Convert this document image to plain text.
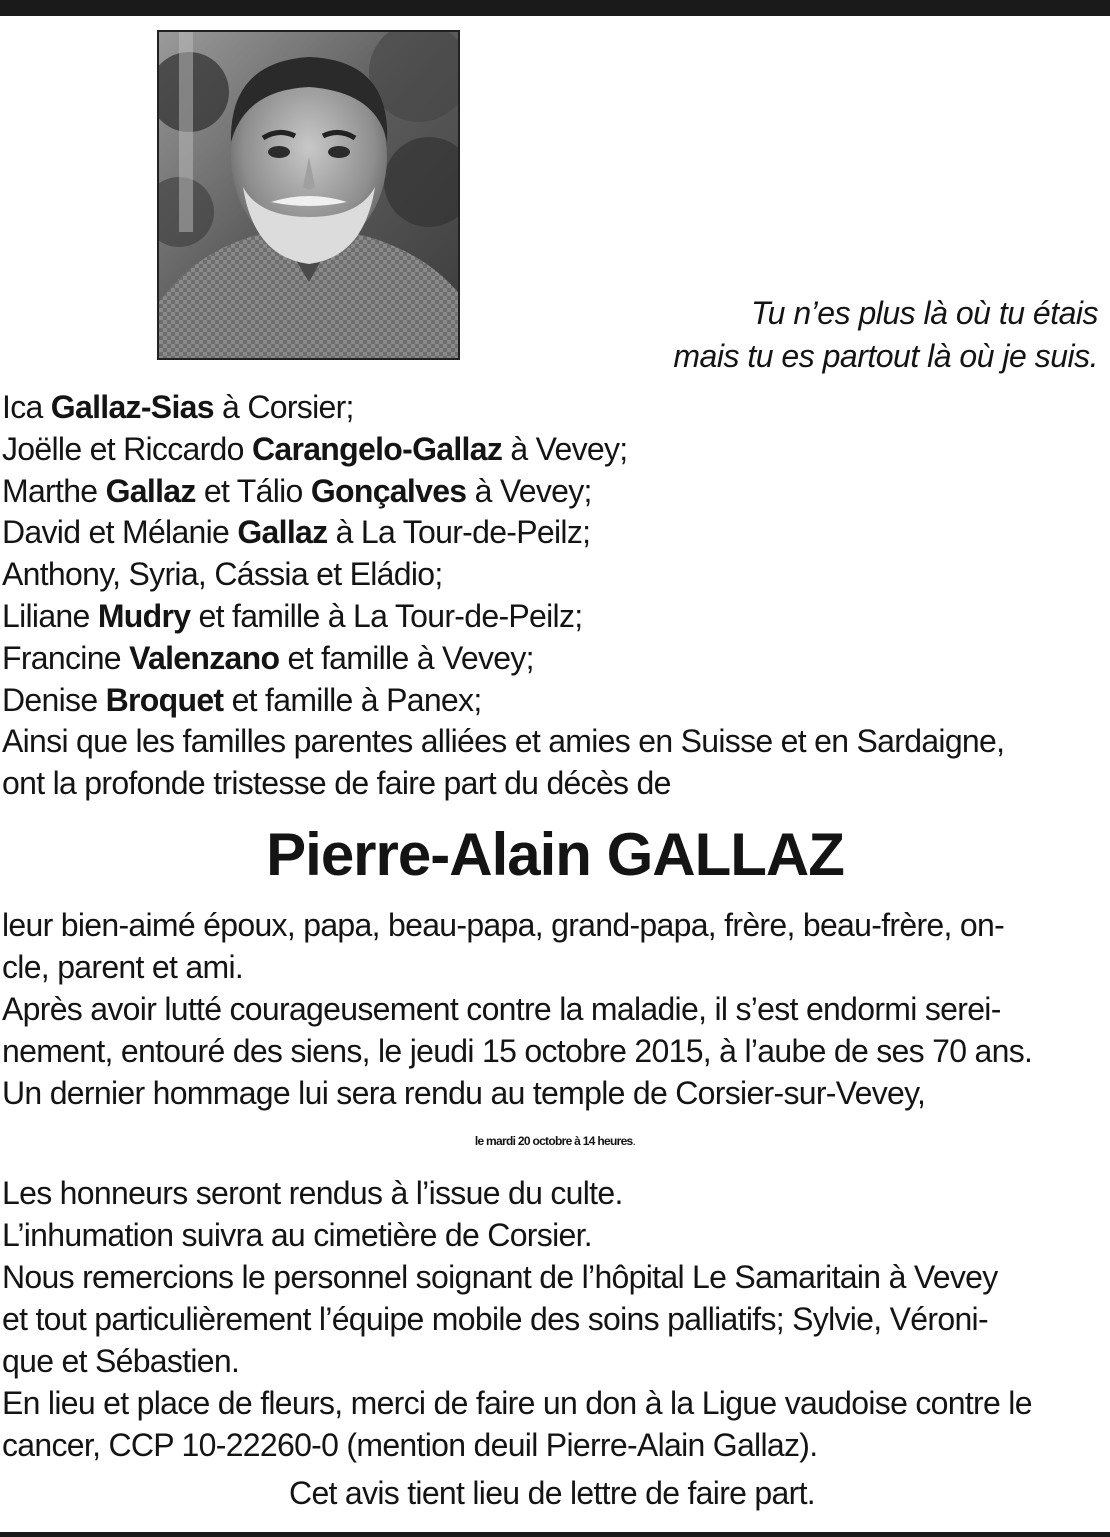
Tu n’es plus là où tu étais
mais tu es partout là où je suis.
Ica Gallaz-Sias à Corsier;
Joëlle et Riccardo Carangelo-Gallaz à Vevey;
Marthe Gallaz et Tálio Gonçalves à Vevey;
David et Mélanie Gallaz à La Tour-de-Peilz;
Anthony, Syria, Cássia et Eládio;
Liliane Mudry et famille à La Tour-de-Peilz;
Francine Valenzano et famille à Vevey;
Denise Broquet et famille à Panex;
Ainsi que les familles parentes alliées et amies en Suisse et en Sardaigne,
ont la profonde tristesse de faire part du décès de
Pierre-Alain GALLAZ
leur bien-aimé époux, papa, beau-papa, grand-papa, frère, beau-frère, on-
cle, parent et ami.
Après avoir lutté courageusement contre la maladie, il s’est endormi serei-
nement, entouré des siens, le jeudi 15 octobre 2015, à l’aube de ses 70 ans.
Un dernier hommage lui sera rendu au temple de Corsier-sur-Vevey,
le mardi 20 octobre à 14 heures.
Les honneurs seront rendus à l’issue du culte.
L’inhumation suivra au cimetière de Corsier.
Nous remercions le personnel soignant de l’hôpital Le Samaritain à Vevey
et tout particulièrement l’équipe mobile des soins palliatifs; Sylvie, Véroni-
que et Sébastien.
En lieu et place de fleurs, merci de faire un don à la Ligue vaudoise contre le
cancer, CCP 10-22260-0 (mention deuil Pierre-Alain Gallaz).
Cet avis tient lieu de lettre de faire part.
